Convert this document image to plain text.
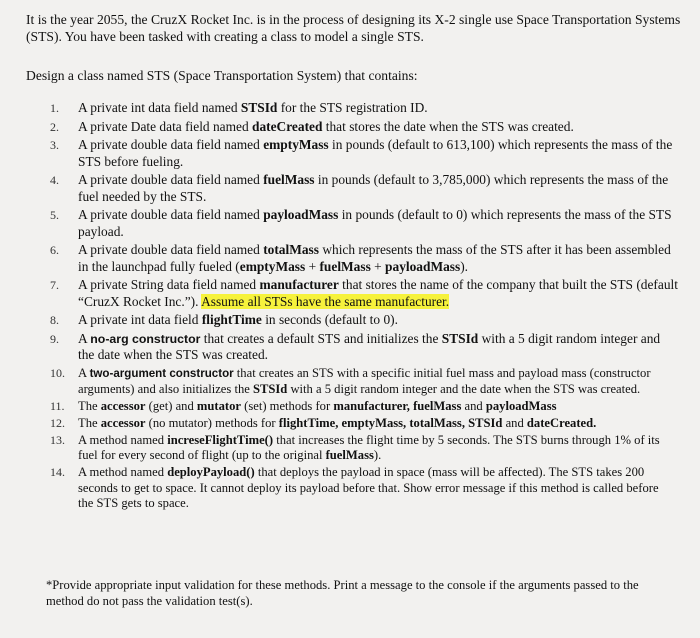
It is the year 2055, the CruzX Rocket Inc. is in the process of designing its X-2 single use Space Transportation Systems (STS). You have been tasked with creating a class to model a single STS.

Design a class named STS (Space Transportation System) that contains:

1. A private int data field named STSId for the STS registration ID.
2. A private Date data field named dateCreated that stores the date when the STS was created.
3. A private double data field named emptyMass in pounds (default to 613,100) which represents the mass of the STS before fueling.
4. A private double data field named fuelMass in pounds (default to 3,785,000) which represents the mass of the fuel needed by the STS.
5. A private double data field named payloadMass in pounds (default to 0) which represents the mass of the STS payload.
6. A private double data field named totalMass which represents the mass of the STS after it has been assembled in the launchpad fully fueled (emptyMass + fuelMass + payloadMass).
7. A private String data field named manufacturer that stores the name of the company that built the STS (default “CruzX Rocket Inc.”). Assume all STSs have the same manufacturer.
8. A private int data field flightTime in seconds (default to 0).
9. A no-arg constructor that creates a default STS and initializes the STSId with a 5 digit random integer and the date when the STS was created.
10. A two-argument constructor that creates an STS with a specific initial fuel mass and payload mass (constructor arguments) and also initializes the STSId with a 5 digit random integer and the date when the STS was created.
11. The accessor (get) and mutator (set) methods for manufacturer, fuelMass and payloadMass
12. The accessor (no mutator) methods for flightTime, emptyMass, totalMass, STSId and dateCreated.
13. A method named increseFlightTime() that increases the flight time by 5 seconds. The STS burns through 1% of its fuel for every second of flight (up to the original fuelMass).
14. A method named deployPayload() that deploys the payload in space (mass will be affected). The STS takes 200 seconds to get to space. It cannot deploy its payload before that. Show error message if this method is called before the STS gets to space.

*Provide appropriate input validation for these methods. Print a message to the console if the arguments passed to the method do not pass the validation test(s).
